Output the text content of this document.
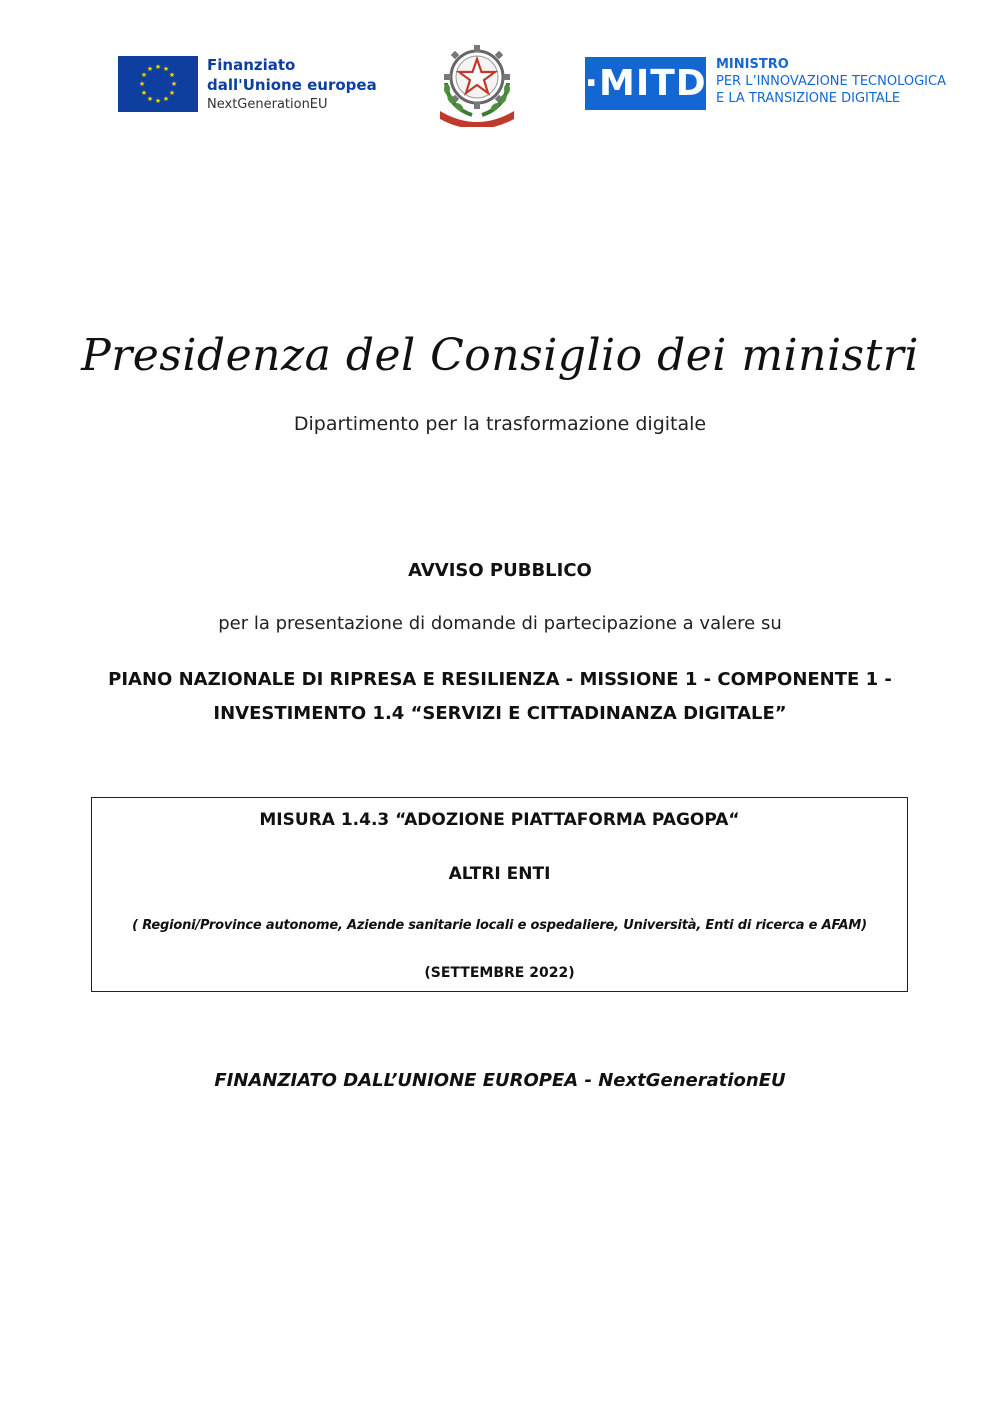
★ ★
★
★
★
★
★
★
★
★
★
★	Finanziato
dall'Unione europea
NextGenerationEU
·MITD MINISTRO
PER L’INNOVAZIONE TECNOLOGICA
E LA TRANSIZIONE DIGITALE
Presidenza del Consiglio dei ministri
Dipartimento per la trasformazione digitale
AVVISO PUBBLICO
per la presentazione di domande di partecipazione a valere su
PIANO NAZIONALE DI RIPRESA E RESILIENZA - MISSIONE 1 - COMPONENTE 1 -
INVESTIMENTO 1.4 “SERVIZI E CITTADINANZA DIGITALE”
MISURA 1.4.3 “ADOZIONE PIATTAFORMA PAGOPA“
ALTRI ENTI
( Regioni/Province autonome, Aziende sanitarie locali e ospedaliere, Università, Enti di ricerca e AFAM)
(SETTEMBRE 2022)
FINANZIATO DALL’UNIONE EUROPEA - NextGenerationEU
